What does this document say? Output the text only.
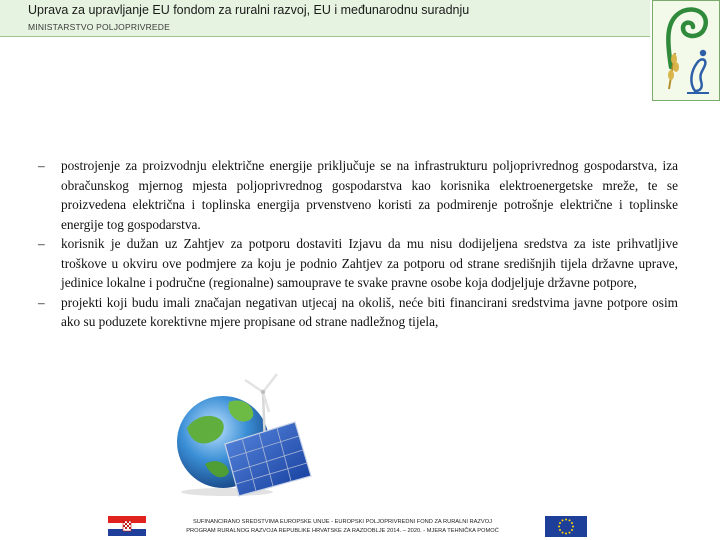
Uprava za upravljanje EU fondom za ruralni razvoj, EU i međunarodnu suradnju
MINISTARSTVO POLJOPRIVREDE
– postrojenje za proizvodnju električne energije priključuje se na infrastrukturu poljoprivrednog gospodarstva, iza obračunskog mjernog mjesta poljoprivrednog gospodarstva kao korisnika elektroenergetske mreže, te se proizvedena električna i toplinska energija prvenstveno koristi za podmirenje potrošnje električne i toplinske energije tog gospodarstva.
– korisnik je dužan uz Zahtjev za potporu dostaviti Izjavu da mu nisu dodijeljena sredstva za iste prihvatljive troškove u okviru ove podmjere za koju je podnio Zahtjev za potporu od strane središnjih tijela državne uprave, jedinice lokalne i područne (regionalne) samouprave te svake pravne osobe koja dodjeljuje državne potpore,
– projekti koji budu imali značajan negativan utjecaj na okoliš, neće biti financirani sredstvima javne potpore osim ako su poduzete korektivne mjere propisane od strane nadležnog tijela,
SUFINANCIRANO SREDSTVIMA EUROPSKE UNIJE - EUROPSKI POLJOPRIVREDNI FOND ZA RURALNI RAZVOJ
PROGRAM RURALNOG RAZVOJA REPUBLIKE HRVATSKE ZA RAZDOBLJE 2014. – 2020. - MJERA TEHNIČKA POMOĆ
